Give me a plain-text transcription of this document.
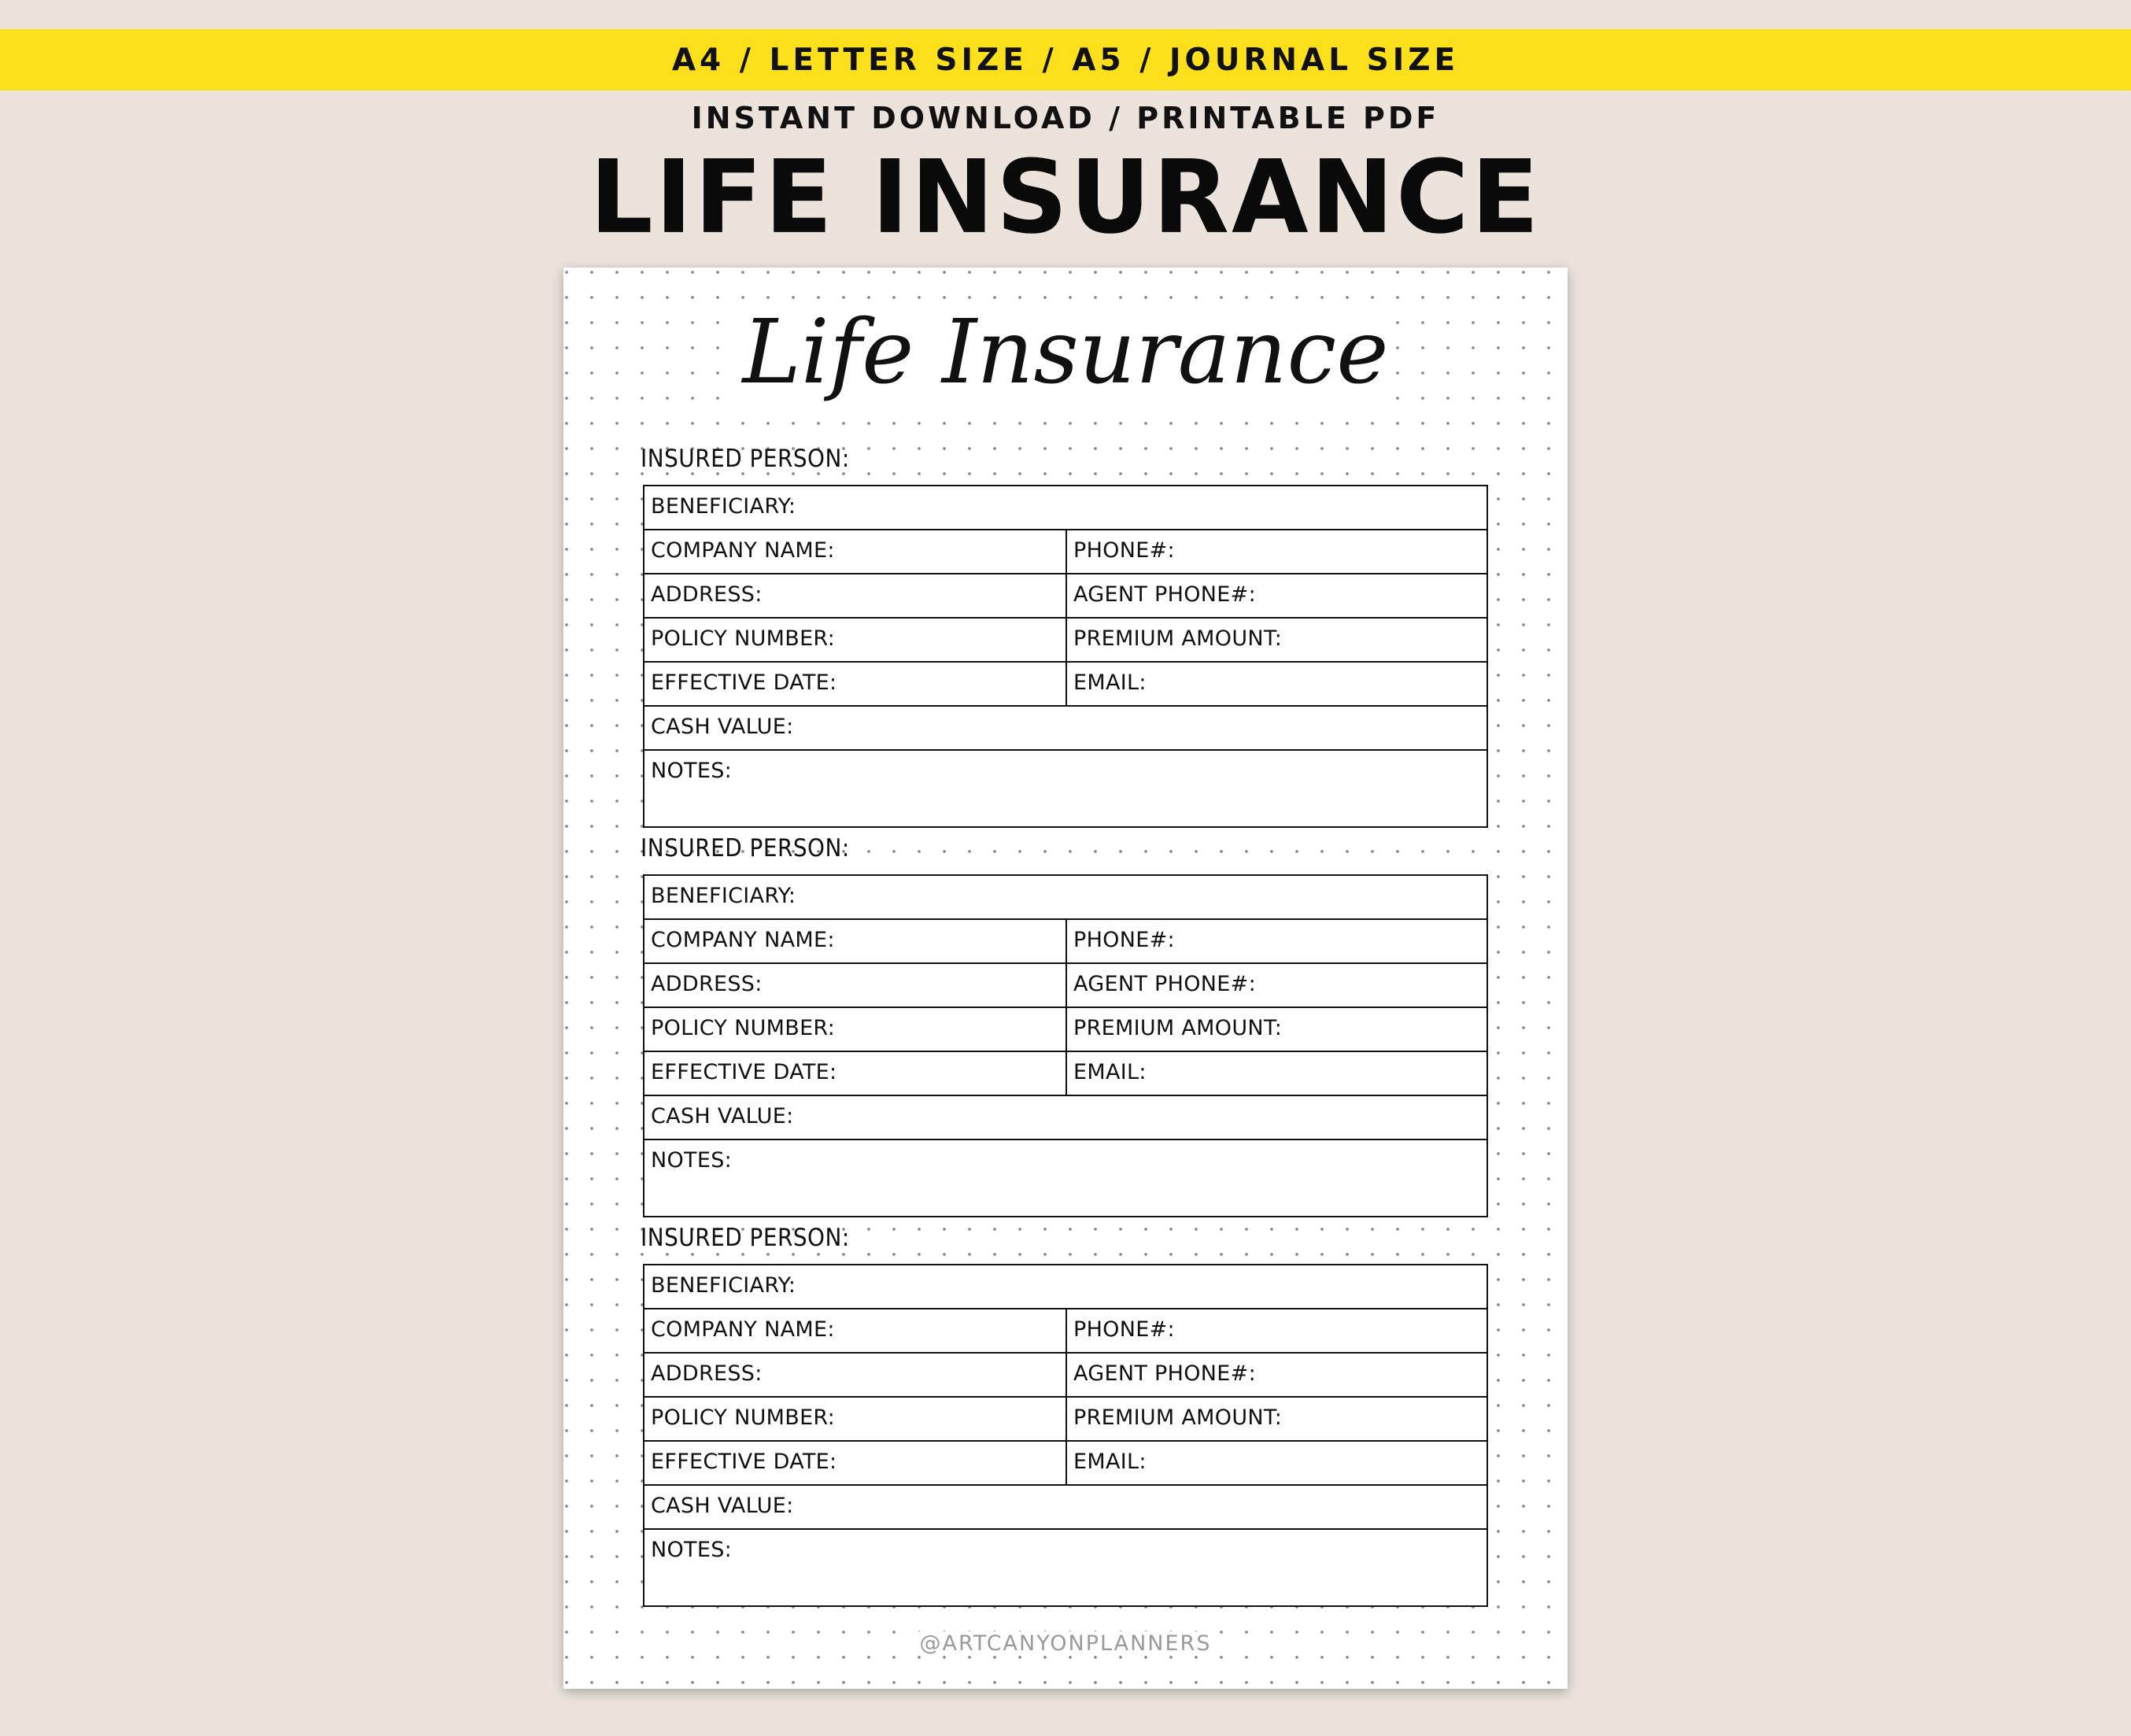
A4 / LETTER SIZE / A5 / JOURNAL SIZE
INSTANT DOWNLOAD / PRINTABLE PDF
LIFE INSURANCE
Life Insurance
INSURED PERSON:
BENEFICIARY:
COMPANY NAME:	PHONE#:
ADDRESS:	AGENT PHONE#:
POLICY NUMBER:	PREMIUM AMOUNT:
EFFECTIVE DATE:	EMAIL:
CASH VALUE:
NOTES:
INSURED PERSON:
BENEFICIARY:
COMPANY NAME:	PHONE#:
ADDRESS:	AGENT PHONE#:
POLICY NUMBER:	PREMIUM AMOUNT:
EFFECTIVE DATE:	EMAIL:
CASH VALUE:
NOTES:
INSURED PERSON:
BENEFICIARY:
COMPANY NAME:	PHONE#:
ADDRESS:	AGENT PHONE#:
POLICY NUMBER:	PREMIUM AMOUNT:
EFFECTIVE DATE:	EMAIL:
CASH VALUE:
NOTES:
@ARTCANYONPLANNERS
